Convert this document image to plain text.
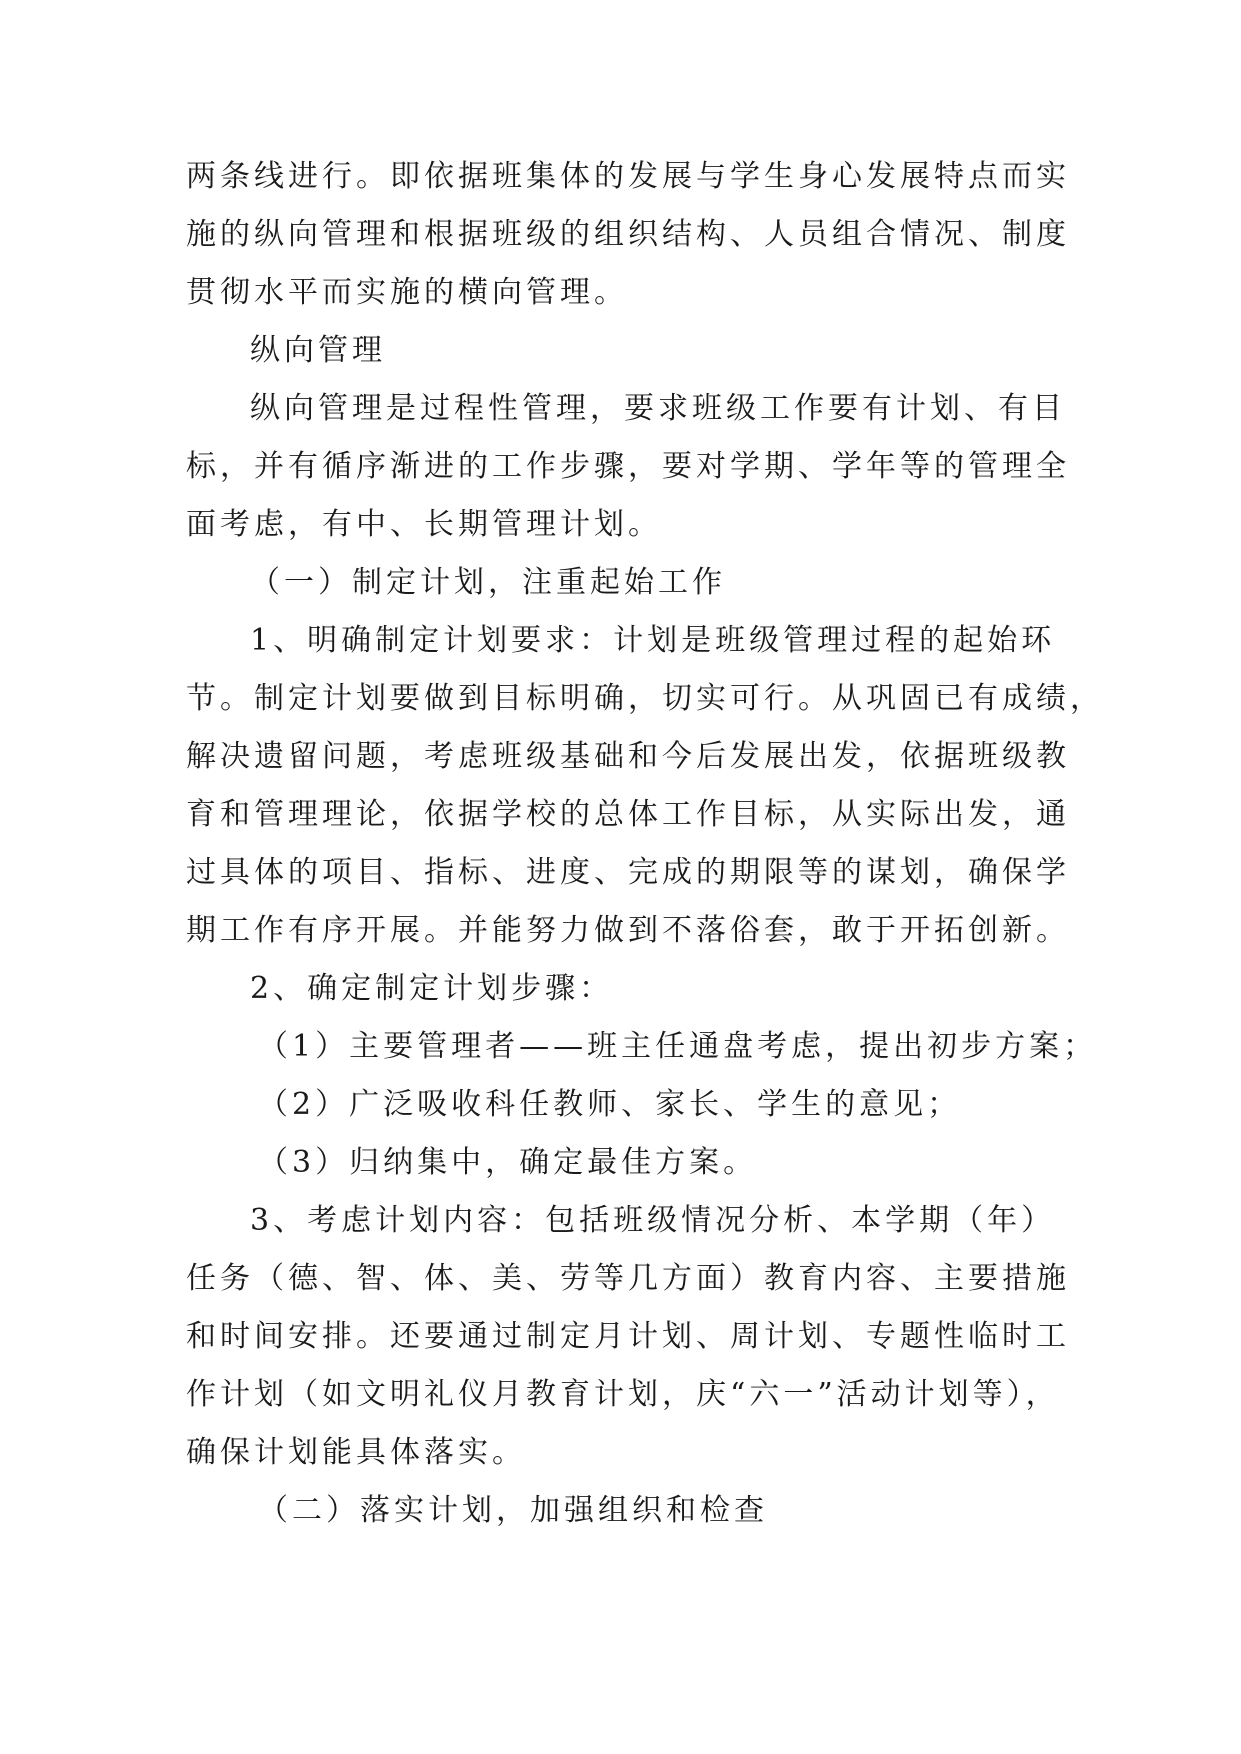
两条线进行。即依据班集体的发展与学生身心发展特点而实
施的纵向管理和根据班级的组织结构、人员组合情况、制度
贯彻水平而实施的横向管理。
纵向管理
纵向管理是过程性管理，要求班级工作要有计划、有目
标，并有循序渐进的工作步骤，要对学期、学年等的管理全
面考虑，有中、长期管理计划。
（一）制定计划，注重起始工作
1、明确制定计划要求：计划是班级管理过程的起始环
节。制定计划要做到目标明确，切实可行。从巩固已有成绩，
解决遗留问题，考虑班级基础和今后发展出发，依据班级教
育和管理理论，依据学校的总体工作目标，从实际出发，通
过具体的项目、指标、进度、完成的期限等的谋划，确保学
期工作有序开展。并能努力做到不落俗套，敢于开拓创新。
2、确定制定计划步骤：
（1）主要管理者——班主任通盘考虑，提出初步方案；
（2）广泛吸收科任教师、家长、学生的意见；
（3）归纳集中，确定最佳方案。
3、考虑计划内容：包括班级情况分析、本学期（年）
任务（德、智、体、美、劳等几方面）教育内容、主要措施
和时间安排。还要通过制定月计划、周计划、专题性临时工
作计划（如文明礼仪月教育计划，庆“六一”活动计划等），
确保计划能具体落实。
（二）落实计划，加强组织和检查
